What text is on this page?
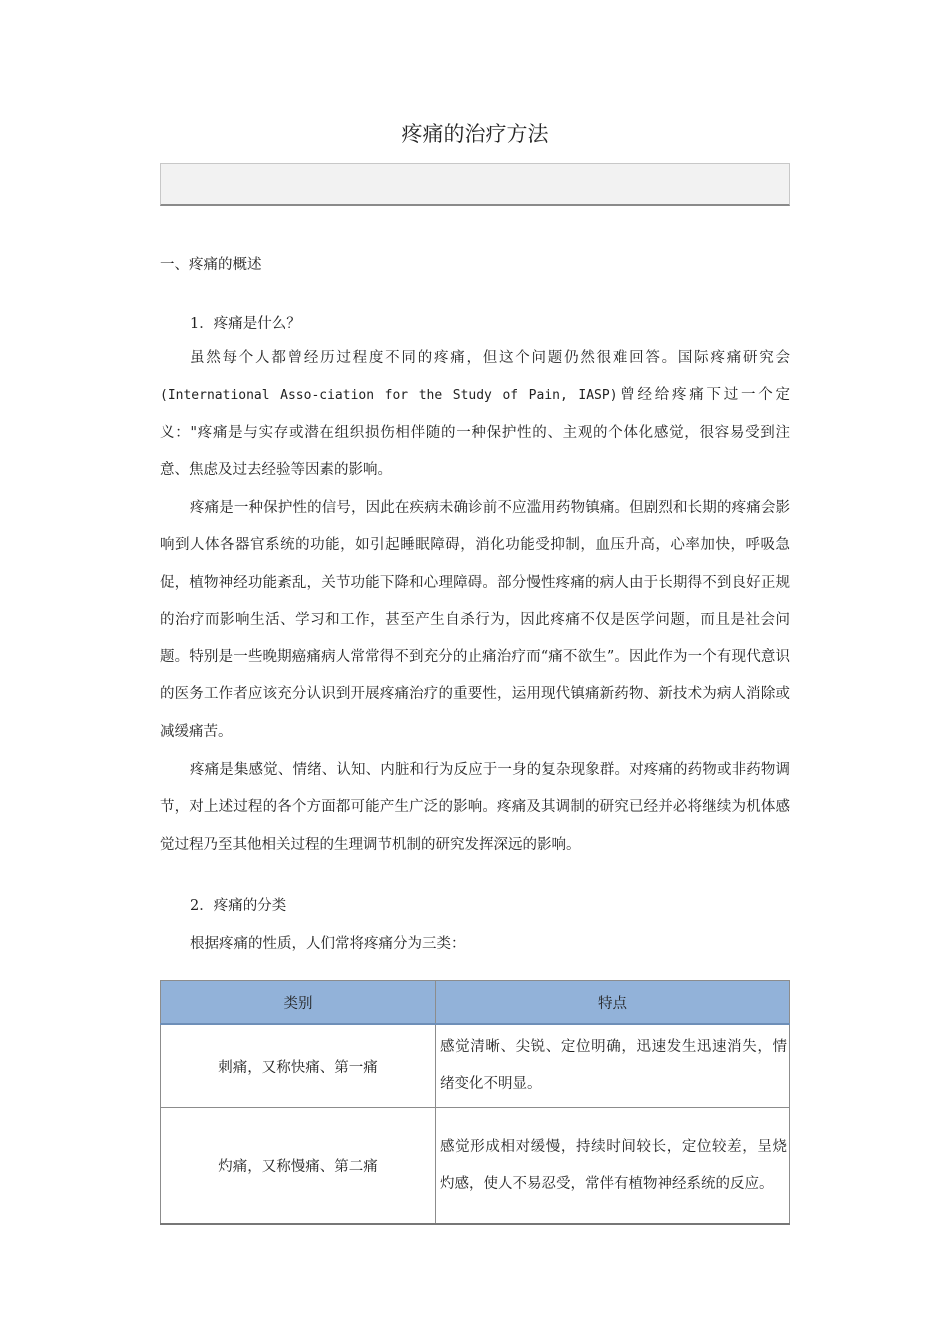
疼痛的治疗方法
一、疼痛的概述
1．疼痛是什么？
虽然每个人都曾经历过程度不同的疼痛，但这个问题仍然很难回答。国际疼痛研究会(International Asso-ciation for the Study of Pain, IASP)曾经给疼痛下过一个定义："疼痛是与实存或潜在组织损伤相伴随的一种保护性的、主观的个体化感觉，很容易受到注意、焦虑及过去经验等因素的影响。
疼痛是一种保护性的信号，因此在疾病未确诊前不应滥用药物镇痛。但剧烈和长期的疼痛会影响到人体各器官系统的功能，如引起睡眠障碍，消化功能受抑制，血压升高，心率加快，呼吸急促，植物神经功能紊乱，关节功能下降和心理障碍。部分慢性疼痛的病人由于长期得不到良好正规的治疗而影响生活、学习和工作，甚至产生自杀行为，因此疼痛不仅是医学问题，而且是社会问题。特别是一些晚期癌痛病人常常得不到充分的止痛治疗而“痛不欲生”。因此作为一个有现代意识的医务工作者应该充分认识到开展疼痛治疗的重要性，运用现代镇痛新药物、新技术为病人消除或减缓痛苦。
疼痛是集感觉、情绪、认知、内脏和行为反应于一身的复杂现象群。对疼痛的药物或非药物调节，对上述过程的各个方面都可能产生广泛的影响。疼痛及其调制的研究已经并必将继续为机体感觉过程乃至其他相关过程的生理调节机制的研究发挥深远的影响。
2．疼痛的分类
根据疼痛的性质，人们常将疼痛分为三类：
类别	特点
刺痛，又称快痛、第一痛	感觉清晰、尖锐、定位明确，迅速发生迅速消失，情绪变化不明显。
灼痛，又称慢痛、第二痛	感觉形成相对缓慢，持续时间较长，定位较差，呈烧灼感，使人不易忍受，常伴有植物神经系统的反应。
